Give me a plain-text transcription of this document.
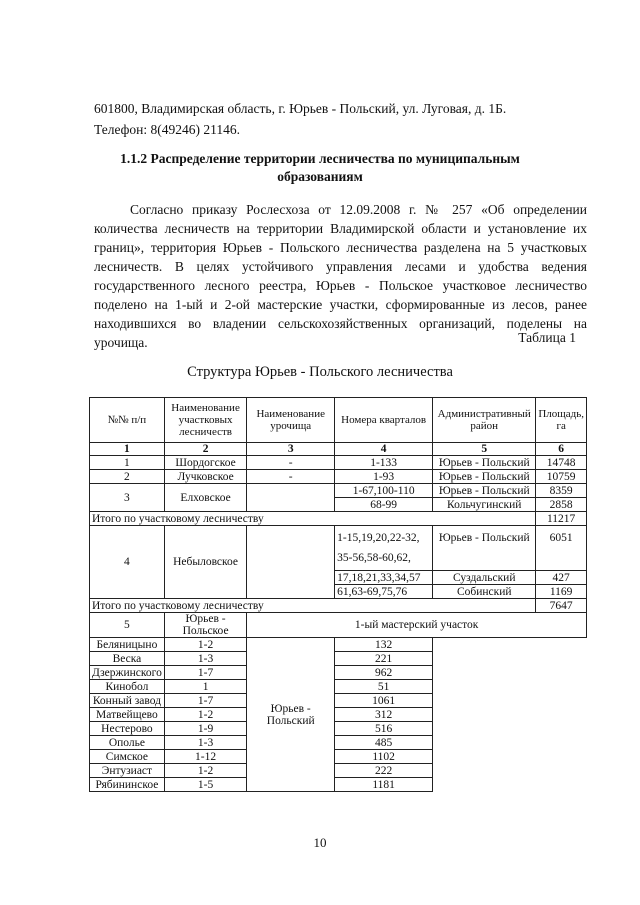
601800, Владимирская область, г. Юрьев - Польский, ул. Луговая, д. 1Б.
Телефон: 8(49246) 21146.
1.1.2 Распределение территории лесничества по муниципальным
образованиям

Согласно приказу Рослесхоза от 12.09.2008 г. № 257 «Об определении количества лесничеств на территории Владимирской области и установление их границ», территория Юрьев - Польского лесничества разделена на 5 участковых лесничеств. В целях устойчивого управления лесами и удобства ведения государственного лесного реестра, Юрьев - Польское участковое лесничество поделено на 1-ый и 2-ой мастерские участки, сформированные из лесов, ранее находившихся во владении сельскохозяйственных организаций, поделены на урочища.	Таблица 1
Структура Юрьев - Польского лесничества
№№ п/п	Наименование участковых лесничеств	Наименование урочища	Номера кварталов	Административный район	Площадь, га
1	2	3	4	5	6
1	Шордогское	-	1-133	Юрьев - Польский	14748
2	Лучковское	-	1-93	Юрьев - Польский	10759
3	Елховское		1-67,100-110	Юрьев - Польский	8359
			68-99	Кольчугинский	2858
Итого по участковому лесничеству					11217
4	Небыловское		1-15,19,20,22-32,
35-56,58-60,62,	Юрьев - Польский	6051
			17,18,21,33,34,57	Суздальский	427
			61,63-69,75,76	Собинский	1169
Итого по участковому лесничеству					7647
5	Юрьев - Польское	1-ый мастерский участок			
Беляницыно	1-2	Юрьев - Польский	132		
Веска	1-3		221		
Дзержинского	1-7		962		
Кинобол	1		51		
Конный завод	1-7		1061		
Матвейщево	1-2		312		
Нестерово	1-9		516		
Ополье	1-3		485		
Симское	1-12		1102		
Энтузиаст	1-2		222		
Рябининское	1-5		1181		
10
